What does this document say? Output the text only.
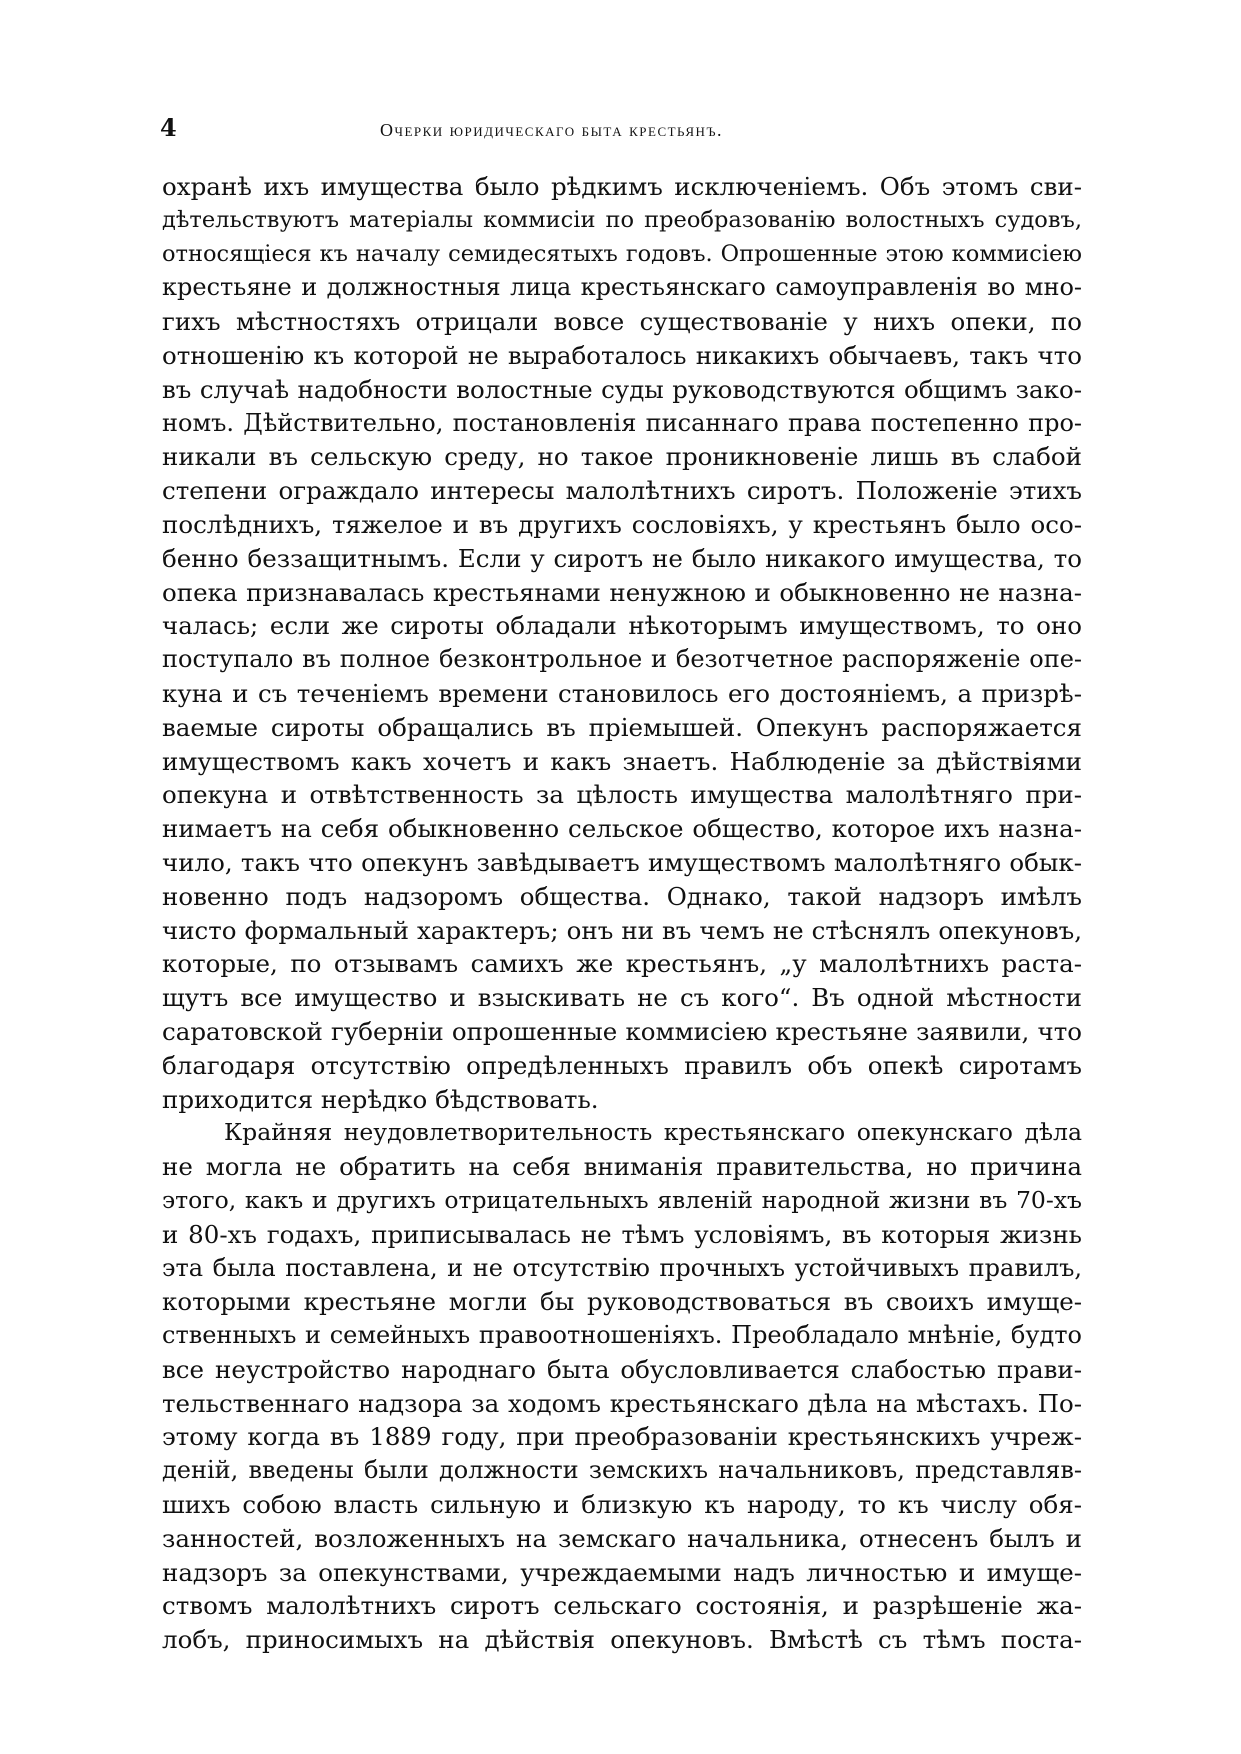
4	Очерки юридическаго быта крестьянъ.
охранѣ ихъ имущества было рѣдкимъ исключеніемъ. Объ этомъ сви-
дѣтельствуютъ матеріалы коммисіи по преобразованію волостныхъ судовъ,
относящіеся къ началу семидесятыхъ годовъ. Опрошенные этою коммисіею
крестьяне и должностныя лица крестьянскаго самоуправленія во мно-
гихъ мѣстностяхъ отрицали вовсе существованіе у нихъ опеки, по
отношенію къ которой не выработалось никакихъ обычаевъ, такъ что
въ случаѣ надобности волостные суды руководствуются общимъ зако-
номъ. Дѣйствительно, постановленія писаннаго права постепенно про-
никали въ сельскую среду, но такое проникновеніе лишь въ слабой
степени ограждало интересы малолѣтнихъ сиротъ. Положеніе этихъ
послѣднихъ, тяжелое и въ другихъ сословіяхъ, у крестьянъ было осо-
бенно беззащитнымъ. Если у сиротъ не было никакого имущества, то
опека признавалась крестьянами ненужною и обыкновенно не назна-
чалась; если же сироты обладали нѣкоторымъ имуществомъ, то оно
поступало въ полное безконтрольное и безотчетное распоряженіе опе-
куна и съ теченіемъ времени становилось его достояніемъ, а призрѣ-
ваемые сироты обращались въ пріемышей. Опекунъ распоряжается
имуществомъ какъ хочетъ и какъ знаетъ. Наблюденіе за дѣйствіями
опекуна и отвѣтственность за цѣлость имущества малолѣтняго при-
нимаетъ на себя обыкновенно сельское общество, которое ихъ назна-
чило, такъ что опекунъ завѣдываетъ имуществомъ малолѣтняго обык-
новенно подъ надзоромъ общества. Однако, такой надзоръ имѣлъ
чисто формальный характеръ; онъ ни въ чемъ не стѣснялъ опекуновъ,
которые, по отзывамъ самихъ же крестьянъ, „у малолѣтнихъ раста-
щутъ все имущество и взыскивать не съ кого“. Въ одной мѣстности
саратовской губерніи опрошенные коммисіею крестьяне заявили, что
благодаря отсутствію опредѣленныхъ правилъ объ опекѣ сиротамъ
приходится нерѣдко бѣдствовать.
Крайняя неудовлетворительность крестьянскаго опекунскаго дѣла
не могла не обратить на себя вниманія правительства, но причина
этого, какъ и другихъ отрицательныхъ явленій народной жизни въ 70-хъ
и 80-хъ годахъ, приписывалась не тѣмъ условіямъ, въ которыя жизнь
эта была поставлена, и не отсутствію прочныхъ устойчивыхъ правилъ,
которыми крестьяне могли бы руководствоваться въ своихъ имуще-
ственныхъ и семейныхъ правоотношеніяхъ. Преобладало мнѣніе, будто
все неустройство народнаго быта обусловливается слабостью прави-
тельственнаго надзора за ходомъ крестьянскаго дѣла на мѣстахъ. По-
этому когда въ 1889 году, при преобразованіи крестьянскихъ учреж-
деній, введены были должности земскихъ начальниковъ, представляв-
шихъ собою власть сильную и близкую къ народу, то къ числу обя-
занностей, возложенныхъ на земскаго начальника, отнесенъ былъ и
надзоръ за опекунствами, учреждаемыми надъ личностью и имуще-
ствомъ малолѣтнихъ сиротъ сельскаго состоянія, и разрѣшеніе жа-
лобъ, приносимыхъ на дѣйствія опекуновъ. Вмѣстѣ съ тѣмъ поста-
